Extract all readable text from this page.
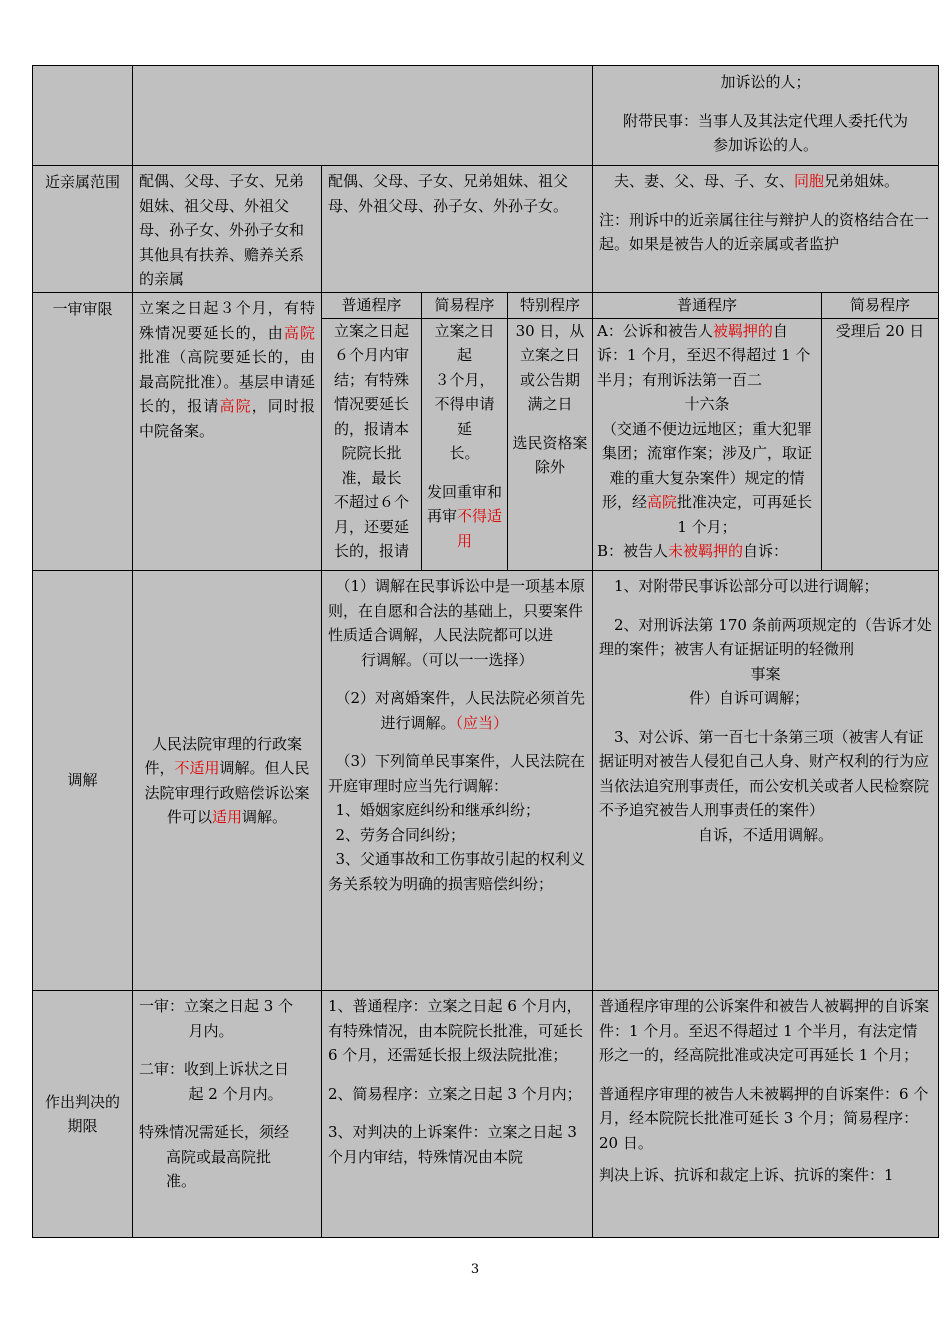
加诉讼的人；

附带民事：当事人及其法定代理人委托代为

参加诉讼的人。

近亲属范围	配偶、父母、子女、兄弟姐妹、祖父母、外祖父母、孙子女、外孙子女和其他具有扶养、赡养关系的亲属
配偶、父母、子女、兄弟姐妹、祖父母、外祖父母、孙子女、外孙子女。

夫、妻、父、母、子、女、同胞兄弟姐妹。

注：刑诉中的近亲属往往与辩护人的资格结合在一起。如果是被告人的近亲属或者监护

一审审限	立案之日起３个月，有特殊情况要延长的，由高院批准（高院要延长的，由最高院批准）。基层申请延长的，报请高院，同时报中院备案。
普通程序
立案之日起
６个月内审
结；有特殊
情况要延长
的，报请本
院院长批
准，最长
不超过６个
月，还要延
长的，报请
简易程序
立案之日
起
３个月，
不得申请
延
长。
发回重审和再审不得适用
特别程序
30 日，从
立案之日
或公告期
满之日
选民资格案除外
普通程序
A：公诉和被告人被羁押的自诉：1 个月，至迟不得超过 1 个半月；有刑诉法第一百二
十六条
（交通不便边远地区；重大犯罪集团；流窜作案；涉及广，取证难的重大复杂案件）规定的情形，经高院批准决定，可再延长 1 个月；
B：被告人未被羁押的自诉：
简易程序
受理后 20 日
调解
人民法院审理的行政案件，不适用调解。但人民
法院审理行政赔偿诉讼案件可以适用调解。

（1）调解在民事诉讼中是一项基本原则，在自愿和合法的基础上，只要案件性质适合调解，人民法院都可以进

行调解。（可以一一选择）

（2）对离婚案件，人民法院必须首先

进行调解。（应当）

（3）下列简单民事案件，人民法院在开庭审理时应当先行调解：

1、婚姻家庭纠纷和继承纠纷；

2、劳务合同纠纷；

3、父通事故和工伤事故引起的权利义务关系较为明确的损害赔偿纠纷；

1、对附带民事诉讼部分可以进行调解；

2、对刑诉法第 170 条前两项规定的（告诉才处理的案件；被害人有证据证明的轻微刑

事案

件）自诉可调解；

3、对公诉、第一百七十条第三项（被害人有证据证明对被告人侵犯自己人身、财产权利的行为应当依法追究刑事责任，而公安机关或者人民检察院不予追究被告人刑事责任的案件）

自诉，不适用调解。

作出判决的期限

一审：立案之日起 3 个

月内。

二审：收到上诉状之日

起 2 个月内。

特殊情况需延长，须经

高院或最高院批

准。

1、普通程序：立案之日起 6 个月内，有特殊情况，由本院院长批准，可延长 6 个月，还需延长报上级法院批准；

2、简易程序：立案之日起 3 个月内；

3、对判决的上诉案件：立案之日起 3 个月内审结，特殊情况由本院

普通程序审理的公诉案件和被告人被羁押的自诉案件：1 个月。至迟不得超过 1 个半月，有法定情形之一的，经高院批准或决定可再延长 1 个月；

普通程序审理的被告人未被羁押的自诉案件：6 个月，经本院院长批准可延长 3 个月；简易程序：20 日。

判决上诉、抗诉和裁定上诉、抗诉的案件：1

3
